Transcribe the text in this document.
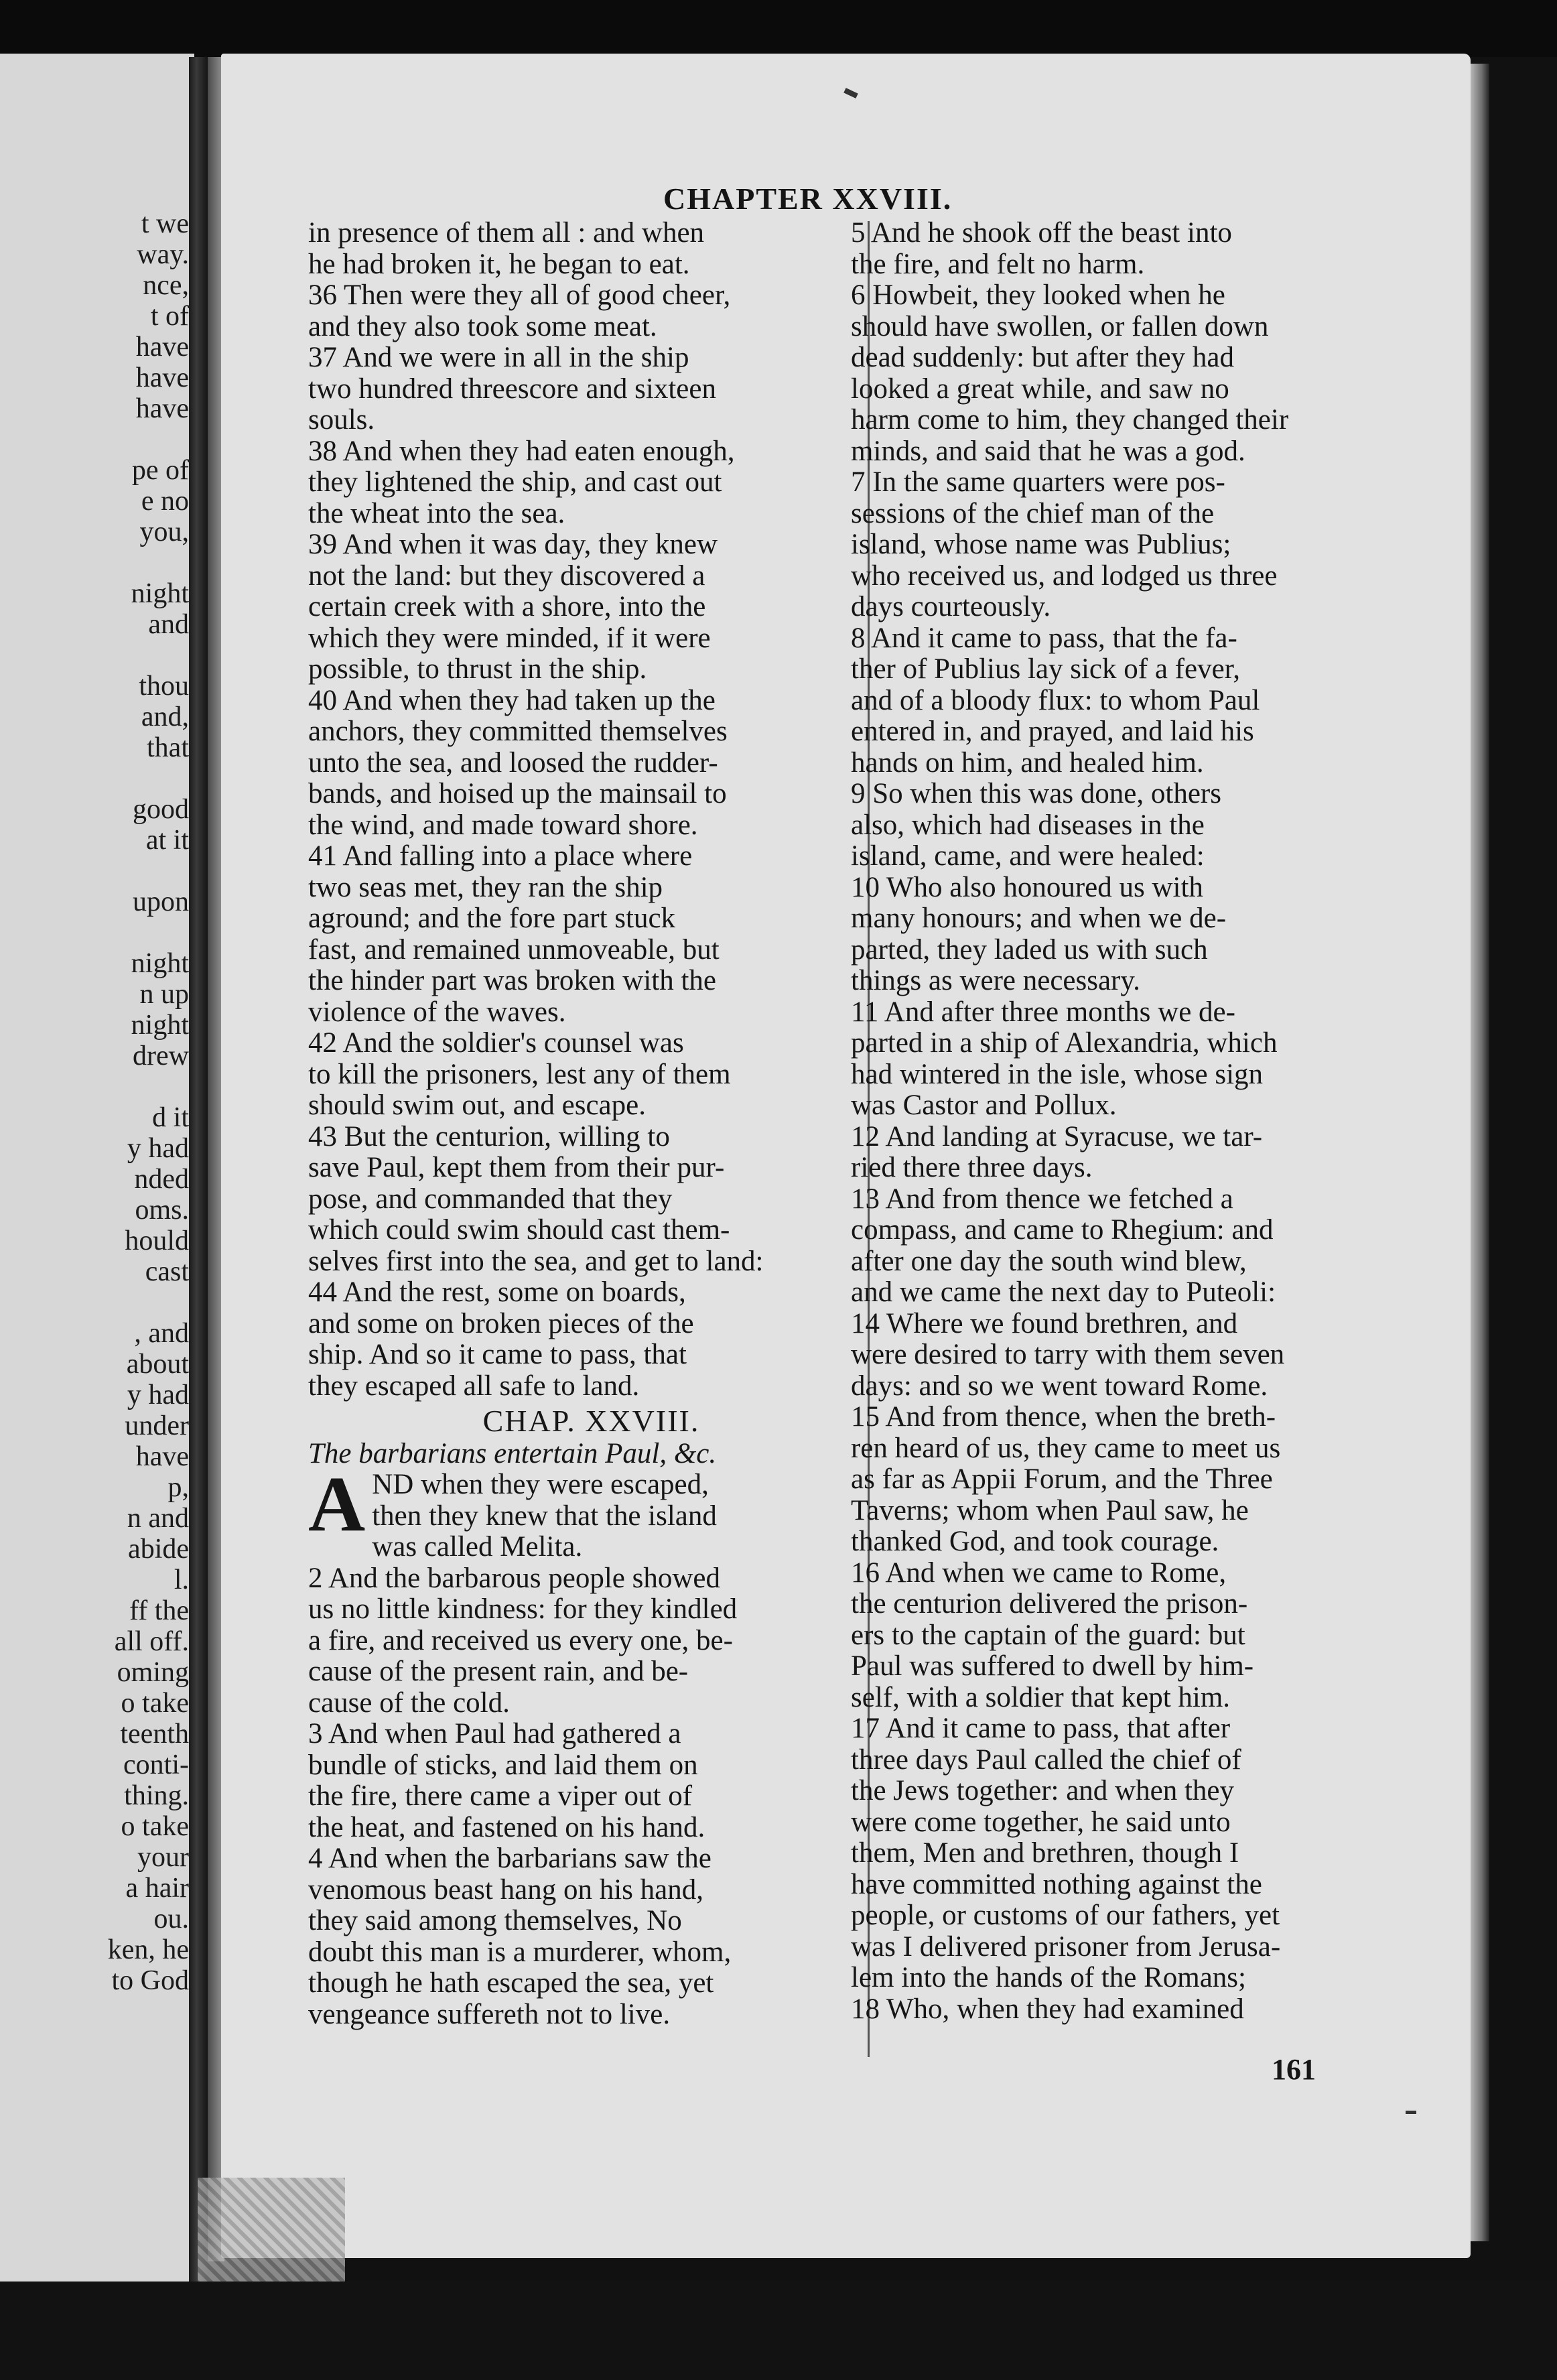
t we
way.
nce,
t of
have
have
have
pe of
e no
you,
night
and
thou
and,
that
good
at it
upon
night
n up
night
drew
d it
y had
nded
oms.
hould
cast
, and
about
y had
under
have
p,
n and
abide
l.
ff the
all off.
oming
o take
teenth
conti-
thing.
o take
your
a hair
ou.
ken, he
to God
CHAPTER XXVIII.
in presence of them all : and when
he had broken it, he began to eat.
36 Then were they all of good cheer,
and they also took some meat.
37 And we were in all in the ship
two hundred threescore and sixteen
souls.
38 And when they had eaten enough,
they lightened the ship, and cast out
the wheat into the sea.
39 And when it was day, they knew
not the land: but they discovered a
certain creek with a shore, into the
which they were minded, if it were
possible, to thrust in the ship.
40 And when they had taken up the
anchors, they committed themselves
unto the sea, and loosed the rudder-
bands, and hoised up the mainsail to
the wind, and made toward shore.
41 And falling into a place where
two seas met, they ran the ship
aground; and the fore part stuck
fast, and remained unmoveable, but
the hinder part was broken with the
violence of the waves.
42 And the soldier's counsel was
to kill the prisoners, lest any of them
should swim out, and escape.
43 But the centurion, willing to
save Paul, kept them from their pur-
pose, and commanded that they
which could swim should cast them-
selves first into the sea, and get to land:
44 And the rest, some on boards,
and some on broken pieces of the
ship. And so it came to pass, that
they escaped all safe to land.
CHAP. XXVIII.
The barbarians entertain Paul, &c.
A ND when they were escaped,
then they knew that the island
was called Melita.
2 And the barbarous people showed
us no little kindness: for they kindled
a fire, and received us every one, be-
cause of the present rain, and be-
cause of the cold.
3 And when Paul had gathered a
bundle of sticks, and laid them on
the fire, there came a viper out of
the heat, and fastened on his hand.
4 And when the barbarians saw the
venomous beast hang on his hand,
they said among themselves, No
doubt this man is a murderer, whom,
though he hath escaped the sea, yet
vengeance suffereth not to live.
5 And he shook off the beast into
the fire, and felt no harm.
6 Howbeit, they looked when he
should have swollen, or fallen down
dead suddenly: but after they had
looked a great while, and saw no
harm come to him, they changed their
minds, and said that he was a god.
7 In the same quarters were pos-
sessions of the chief man of the
island, whose name was Publius;
who received us, and lodged us three
days courteously.
8 And it came to pass, that the fa-
ther of Publius lay sick of a fever,
and of a bloody flux: to whom Paul
entered in, and prayed, and laid his
hands on him, and healed him.
9 So when this was done, others
also, which had diseases in the
island, came, and were healed:
10 Who also honoured us with
many honours; and when we de-
parted, they laded us with such
things as were necessary.
11 And after three months we de-
parted in a ship of Alexandria, which
had wintered in the isle, whose sign
was Castor and Pollux.
12 And landing at Syracuse, we tar-
ried there three days.
13 And from thence we fetched a
compass, and came to Rhegium: and
after one day the south wind blew,
and we came the next day to Puteoli:
14 Where we found brethren, and
were desired to tarry with them seven
days: and so we went toward Rome.
15 And from thence, when the breth-
ren heard of us, they came to meet us
as far as Appii Forum, and the Three
Taverns; whom when Paul saw, he
thanked God, and took courage.
16 And when we came to Rome,
the centurion delivered the prison-
ers to the captain of the guard: but
Paul was suffered to dwell by him-
self, with a soldier that kept him.
17 And it came to pass, that after
three days Paul called the chief of
the Jews together: and when they
were come together, he said unto
them, Men and brethren, though I
have committed nothing against the
people, or customs of our fathers, yet
was I delivered prisoner from Jerusa-
lem into the hands of the Romans;
18 Who, when they had examined
161
